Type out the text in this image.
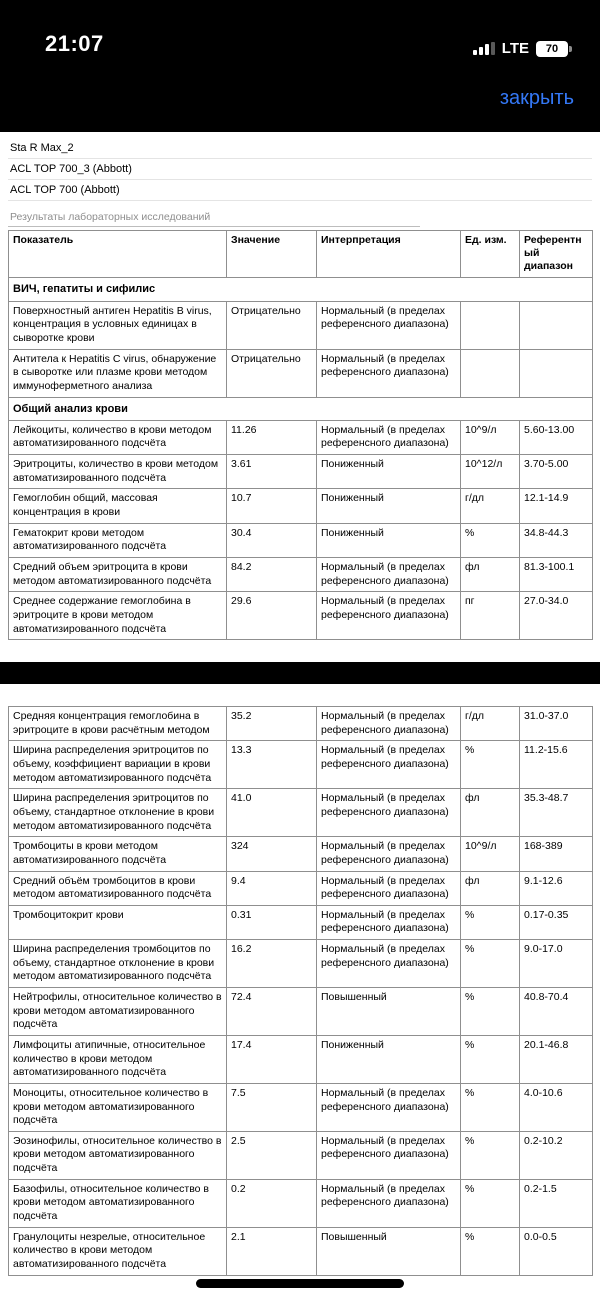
21:07	LTE 70
закрыть
Sta R Max_2
ACL TOP 700_3 (Abbott)
ACL TOP 700 (Abbott)
Результаты лабораторных исследований
Показатель	Значение	Интерпретация	Ед. изм.	Референтный диапазон
ВИЧ, гепатиты и сифилис				
Поверхностный антиген Hepatitis B virus, концентрация в условных единицах в сыворотке крови	Отрицательно	Нормальный (в пределах референсного диапазона)		
Антитела к Hepatitis C virus, обнаружение в сыворотке или плазме крови методом иммуноферметного анализа	Отрицательно	Нормальный (в пределах референсного диапазона)		
Общий анализ крови				
Лейкоциты, количество в крови методом автоматизированного подсчёта	11.26	Нормальный (в пределах референсного диапазона)	10^9/л	5.60-13.00
Эритроциты, количество в крови методом автоматизированного подсчёта	3.61	Пониженный	10^12/л	3.70-5.00
Гемоглобин общий, массовая концентрация в крови	10.7	Пониженный	г/дл	12.1-14.9
Гематокрит крови методом автоматизированного подсчёта	30.4	Пониженный	%	34.8-44.3
Средний объем эритроцита в крови методом автоматизированного подсчёта	84.2	Нормальный (в пределах референсного диапазона)	фл	81.3-100.1
Среднее содержание гемоглобина в эритроците в крови методом автоматизированного подсчёта	29.6	Нормальный (в пределах референсного диапазона)	пг	27.0-34.0
Средняя концентрация гемоглобина в эритроците в крови расчётным методом	35.2	Нормальный (в пределах референсного диапазона)	г/дл	31.0-37.0
Ширина распределения эритроцитов по объему, коэффициент вариации в крови методом автоматизированного подсчёта	13.3	Нормальный (в пределах референсного диапазона)	%	11.2-15.6
Ширина распределения эритроцитов по объему, стандартное отклонение в крови методом автоматизированного подсчёта	41.0	Нормальный (в пределах референсного диапазона)	фл	35.3-48.7
Тромбоциты в крови методом автоматизированного подсчёта	324	Нормальный (в пределах референсного диапазона)	10^9/л	168-389
Средний объём тромбоцитов в крови методом автоматизированного подсчёта	9.4	Нормальный (в пределах референсного диапазона)	фл	9.1-12.6
Тромбоцитокрит крови	0.31	Нормальный (в пределах референсного диапазона)	%	0.17-0.35
Ширина распределения тромбоцитов по объему, стандартное отклонение в крови методом автоматизированного подсчёта	16.2	Нормальный (в пределах референсного диапазона)	%	9.0-17.0
Нейтрофилы, относительное количество в крови методом автоматизированного подсчёта	72.4	Повышенный	%	40.8-70.4
Лимфоциты атипичные, относительное количество в крови методом автоматизированного подсчёта	17.4	Пониженный	%	20.1-46.8
Моноциты, относительное количество в крови методом автоматизированного подсчёта	7.5	Нормальный (в пределах референсного диапазона)	%	4.0-10.6
Эозинофилы, относительное количество в крови методом автоматизированного подсчёта	2.5	Нормальный (в пределах референсного диапазона)	%	0.2-10.2
Базофилы, относительное количество в крови методом автоматизированного подсчёта	0.2	Нормальный (в пределах референсного диапазона)	%	0.2-1.5
Гранулоциты незрелые, относительное количество в крови методом автоматизированного подсчёта	2.1	Повышенный	%	0.0-0.5
